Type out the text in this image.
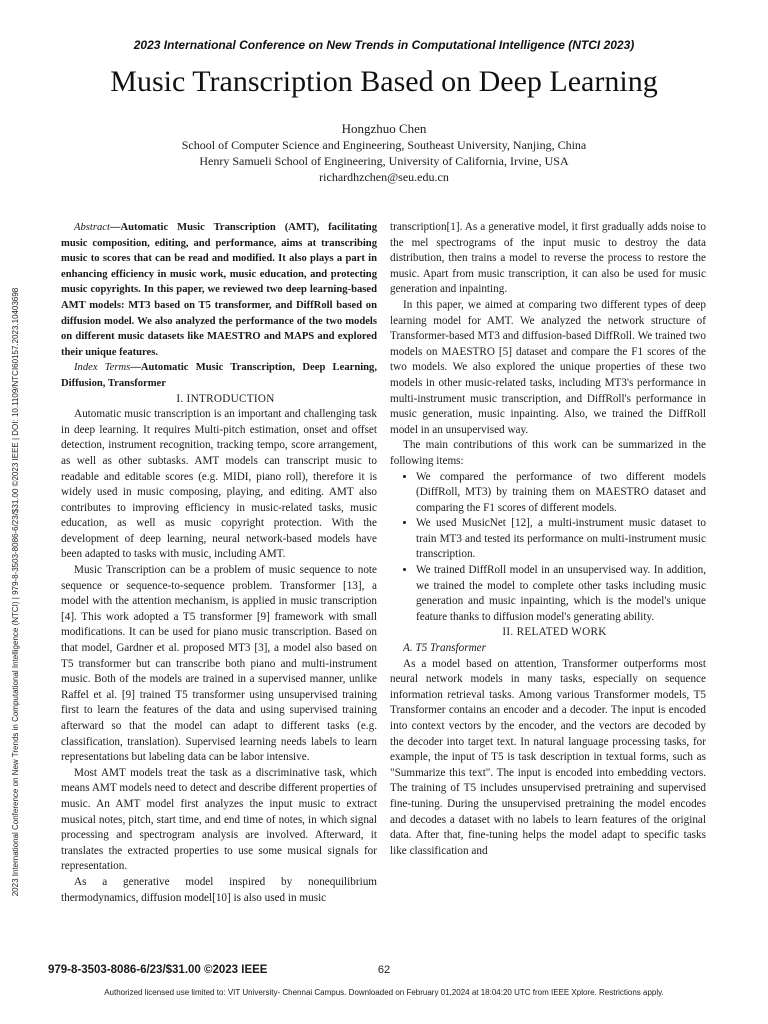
2023 International Conference on New Trends in Computational Intelligence (NTCI 2023)
Music Transcription Based on Deep Learning
Hongzhuo Chen
School of Computer Science and Engineering, Southeast University, Nanjing, China
Henry Samueli School of Engineering, University of California, Irvine, USA
richardhzchen@seu.edu.cn
2023 International Conference on New Trends in Computational Intelligence (NTCI) | 979-8-3503-8086-6/23/$31.00 ©2023 IEEE | DOI: 10.1109/NTCI60157.2023.10403698

Abstract—Automatic Music Transcription (AMT), facilitating music composition, editing, and performance, aims at transcribing music to scores that can be read and modified. It also plays a part in enhancing efficiency in music work, music education, and protecting music copyrights. In this paper, we reviewed two deep learning-based AMT models: MT3 based on T5 transformer, and DiffRoll based on diffusion model. We also analyzed the performance of the two models on different music datasets like MAESTRO and MAPS and explored their unique features.

Index Terms—Automatic Music Transcription, Deep Learning, Diffusion, Transformer

I. INTRODUCTION

Automatic music transcription is an important and challenging task in deep learning. It requires Multi-pitch estimation, onset and offset detection, instrument recognition, tracking tempo, score arrangement, as well as other subtasks. AMT models can transcript music to readable and editable scores (e.g. MIDI, piano roll), therefore it is widely used in music composing, playing, and editing. AMT also contributes to improving efficiency in music-related tasks, music education, as well as music copyright protection. With the development of deep learning, neural network-based models have been adapted to tasks with music, including AMT.

Music Transcription can be a problem of music sequence to note sequence or sequence-to-sequence problem. Transformer [13], a model with the attention mechanism, is applied in music transcription [4]. This work adopted a T5 transformer [9] framework with small modifications. It can be used for piano music transcription. Based on that model, Gardner et al. proposed MT3 [3], a model also based on T5 transformer but can transcribe both piano and multi-instrument music. Both of the models are trained in a supervised manner, unlike Raffel et al. [9] trained T5 transformer using unsupervised training first to learn the features of the data and using supervised training afterward so that the model can adapt to different tasks (e.g. classification, translation). Supervised learning needs labels to learn representations but labeling data can be labor intensive.

Most AMT models treat the task as a discriminative task, which means AMT models need to detect and describe different properties of music. An AMT model first analyzes the input music to extract musical notes, pitch, start time, and end time of notes, in which signal processing and spectrogram analysis are involved. Afterward, it translates the extracted properties to use some musical signals for representation.

As a generative model inspired by nonequilibrium thermodynamics, diffusion model[10] is also used in music

transcription[1]. As a generative model, it first gradually adds noise to the mel spectrograms of the input music to destroy the data distribution, then trains a model to reverse the process to restore the music. Apart from music transcription, it can also be used for music generation and inpainting.

In this paper, we aimed at comparing two different types of deep learning model for AMT. We analyzed the network structure of Transformer-based MT3 and diffusion-based DiffRoll. We trained two models on MAESTRO [5] dataset and compare the F1 scores of the two models. We also explored the unique properties of these two models in other music-related tasks, including MT3's performance in multi-instrument music transcription, and DiffRoll's performance in music generation, music inpainting. Also, we trained the DiffRoll model in an unsupervised way.

The main contributions of this work can be summarized in the following items:

• We compared the performance of two different models (DiffRoll, MT3) by training them on MAESTRO dataset and comparing the F1 scores of different models.
• We used MusicNet [12], a multi-instrument music dataset to train MT3 and tested its performance on multi-instrument music transcription.
• We trained DiffRoll model in an unsupervised way. In addition, we trained the model to complete other tasks including music generation and music inpainting, which is the model's unique feature thanks to diffusion model's generating ability.

II. RELATED WORK

A. T5 Transformer

As a model based on attention, Transformer outperforms most neural network models in many tasks, especially on sequence information retrieval tasks. Among various Transformer models, T5 Transformer contains an encoder and a decoder. The input is encoded into context vectors by the encoder, and the vectors are decoded by the decoder into target text. In natural language processing tasks, for example, the input of T5 is task description in textual forms, such as "Summarize this text". The input is encoded into embedding vectors. The training of T5 includes unsupervised pretraining and supervised fine-tuning. During the unsupervised pretraining the model encodes and decodes a dataset with no labels to learn features of the original data. After that, fine-tuning helps the model adapt to specific tasks like classification and

979-8-3503-8086-6/23/$31.00 ©2023 IEEE	62
Authorized licensed use limited to: VIT University- Chennai Campus. Downloaded on February 01,2024 at 18:04:20 UTC from IEEE Xplore. Restrictions apply.
